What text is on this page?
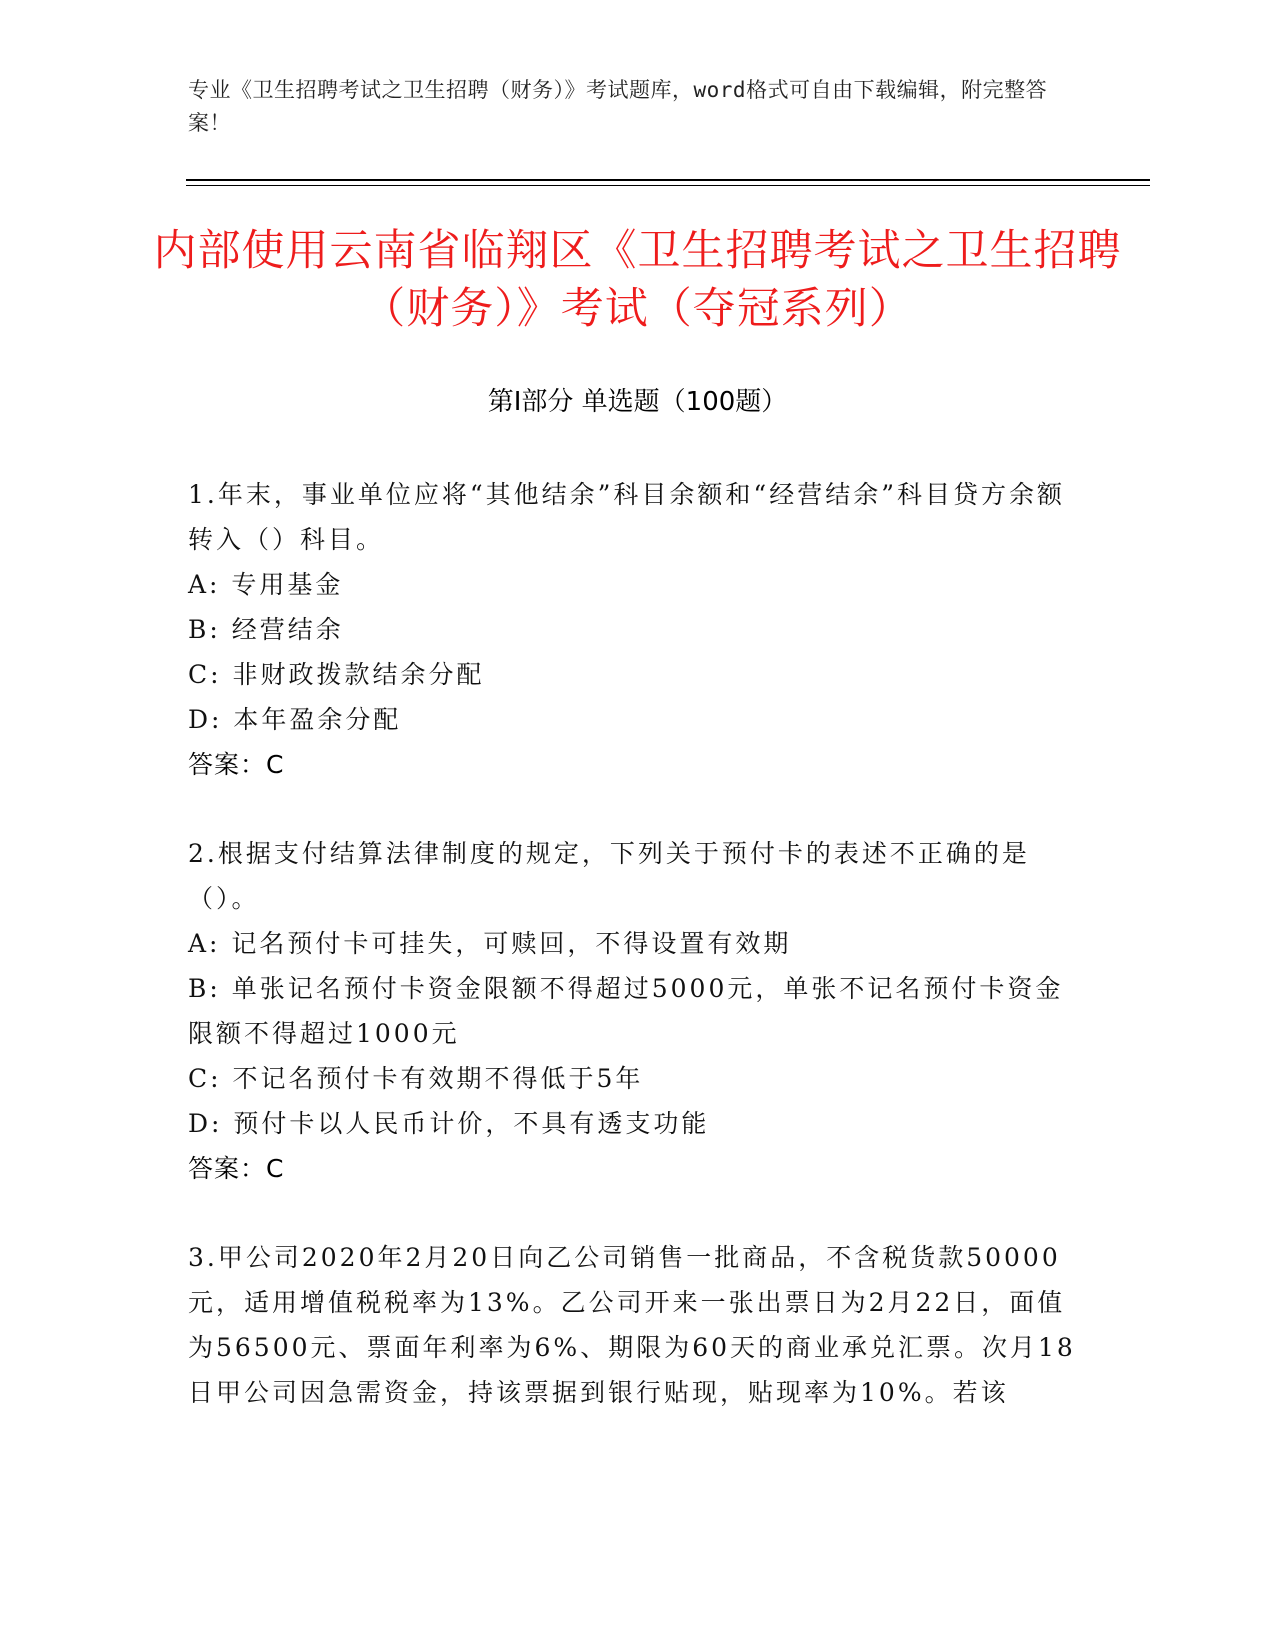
专业《卫生招聘考试之卫生招聘（财务）》考试题库，word格式可自由下载编辑，附完整答案！
内部使用云南省临翔区《卫生招聘考试之卫生招聘（财务）》考试（夺冠系列）
第Ⅰ部分 单选题（100题）

1.年末，事业单位应将“其他结余”科目余额和“经营结余”科目贷方余额转入（）科目。

A: 专用基金

B: 经营结余

C: 非财政拨款结余分配

D: 本年盈余分配

答案：C

2.根据支付结算法律制度的规定，下列关于预付卡的表述不正确的是（）。

A: 记名预付卡可挂失，可赎回，不得设置有效期

B: 单张记名预付卡资金限额不得超过5000元，单张不记名预付卡资金限额不得超过1000元

C: 不记名预付卡有效期不得低于5年

D: 预付卡以人民币计价，不具有透支功能

答案：C

3.甲公司2020年2月20日向乙公司销售一批商品，不含税货款50000元，适用增值税税率为13%。乙公司开来一张出票日为2月22日，面值为56500元、票面年利率为6%、期限为60天的商业承兑汇票。次月18日甲公司因急需资金，持该票据到银行贴现，贴现率为10%。若该
